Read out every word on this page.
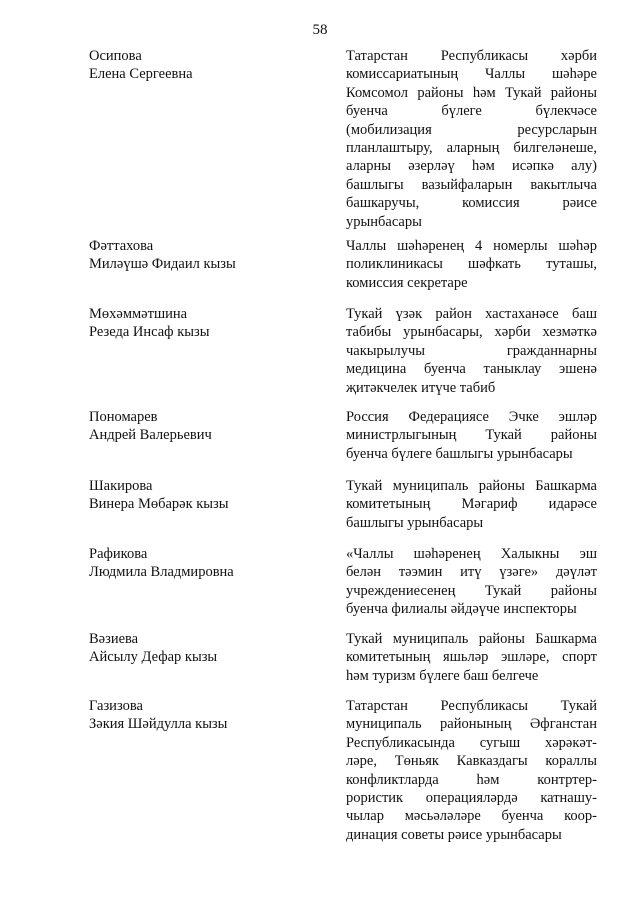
58
Осипова
Елена Сергеевна
Татарстан Республикасы хәрби
комиссариатының Чаллы шәһәре
Комсомол районы һәм Тукай районы
буенча бүлеге бүлекчәсе
(мобилизация ресурсларын
планлаштыру, аларның билгеләнеше,
аларны әзерләү һәм исәпкә алу)
башлыгы вазыйфаларын вакытлыча
башкаручы, комиссия рәисе
урынбасары
Фәттахова
Миләүшә Фидаил кызы
Чаллы шәһәренең 4 номерлы шәһәр
поликлиникасы шәфкать туташы,
комиссия секретаре
Мөхәммәтшина
Резеда Инсаф кызы
Тукай үзәк район хастаханәсе баш
табибы урынбасары, хәрби хезмәткә
чакырылучы гражданнарны
медицина буенча таныклау эшенә
җитәкчелек итүче табиб
Пономарев
Андрей Валерьевич
Россия Федерациясе Эчке эшләр
министрлыгының Тукай районы
буенча бүлеге башлыгы урынбасары
Шакирова
Винера Мөбарәк кызы
Тукай муниципаль районы Башкарма
комитетының Мәгариф идарәсе
башлыгы урынбасары
Рафикова
Людмила Владмировна
«Чаллы шәһәренең Халыкны эш
белән тәэмин итү үзәге» дәүләт
учреждениесенең Тукай районы
буенча филиалы әйдәүче инспекторы
Вәзиева
Айсылу Дефар кызы
Тукай муниципаль районы Башкарма
комитетының яшьләр эшләре, спорт
һәм туризм бүлеге баш белгече
Газизова
Зәкия Шәйдулла кызы
Татарстан Республикасы Тукай
муниципаль районының Әфганстан
Республикасында сугыш хәрәкәт-
ләре, Төньяк Кавказдагы кораллы
конфликтларда һәм контртер-
рористик операцияләрдә катнашу-
чылар мәсьәләләре буенча коор-
динация советы рәисе урынбасары
